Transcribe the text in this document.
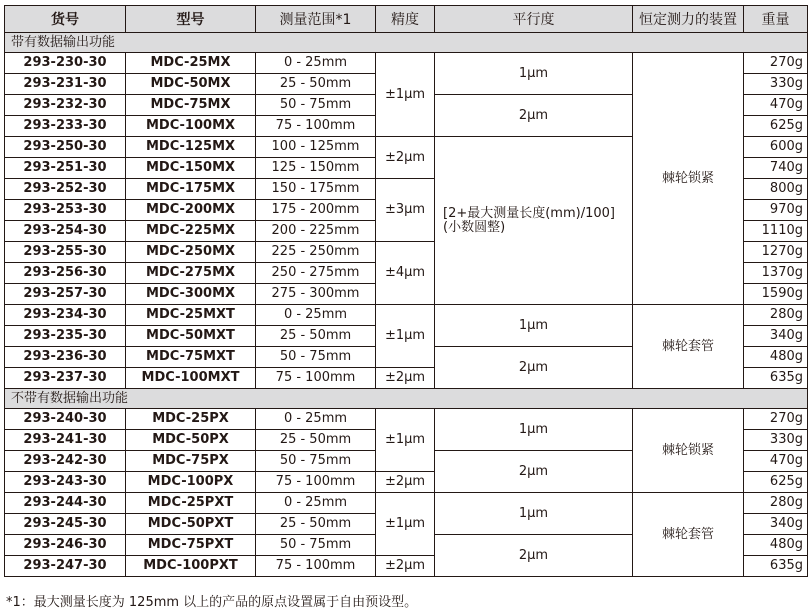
货号	型号	测量范围*1	精度	平行度	恒定测力的装置	重量
带有数据输出功能						
293-230-30	MDC-25MX	0 - 25mm	±1μm	1μm	棘轮锁紧	270g
293-231-30	MDC-50MX	25 - 50mm				330g
293-232-30	MDC-75MX	50 - 75mm		2μm		470g
293-233-30	MDC-100MX	75 - 100mm				625g
293-250-30	MDC-125MX	100 - 125mm	±2μm	[2+最大测量长度(mm)/100] (小数圆整)		600g
293-251-30	MDC-150MX	125 - 150mm				740g
293-252-30	MDC-175MX	150 - 175mm	±3μm			800g
293-253-30	MDC-200MX	175 - 200mm				970g
293-254-30	MDC-225MX	200 - 225mm				1110g
293-255-30	MDC-250MX	225 - 250mm	±4μm			1270g
293-256-30	MDC-275MX	250 - 275mm				1370g
293-257-30	MDC-300MX	275 - 300mm				1590g
293-234-30	MDC-25MXT	0 - 25mm	±1μm	1μm	棘轮套管	280g
293-235-30	MDC-50MXT	25 - 50mm				340g
293-236-30	MDC-75MXT	50 - 75mm		2μm		480g
293-237-30	MDC-100MXT	75 - 100mm	±2μm			635g
不带有数据输出功能						
293-240-30	MDC-25PX	0 - 25mm	±1μm	1μm	棘轮锁紧	270g
293-241-30	MDC-50PX	25 - 50mm				330g
293-242-30	MDC-75PX	50 - 75mm		2μm		470g
293-243-30	MDC-100PX	75 - 100mm	±2μm			625g
293-244-30	MDC-25PXT	0 - 25mm	±1μm	1μm	棘轮套管	280g
293-245-30	MDC-50PXT	25 - 50mm				340g
293-246-30	MDC-75PXT	50 - 75mm		2μm		480g
293-247-30	MDC-100PXT	75 - 100mm	±2μm			635g
*1：最大测量长度为 125mm 以上的产品的原点设置属于自由预设型。
